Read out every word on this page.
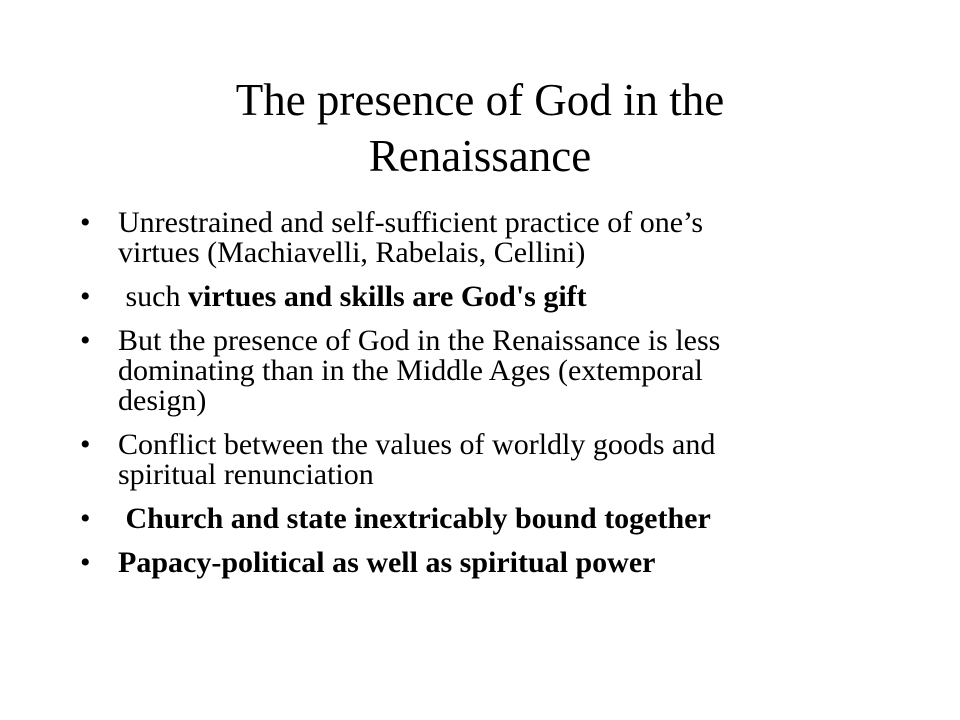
The presence of God in the
Renaissance
• Unrestrained and self-sufficient practice of one’s
virtues (Machiavelli, Rabelais, Cellini)
• such virtues and skills are God's gift
• But the presence of God in the Renaissance is less
dominating than in the Middle Ages (extemporal
design)
• Conflict between the values of worldly goods and
spiritual renunciation
• Church and state inextricably bound together
• Papacy-political as well as spiritual power
